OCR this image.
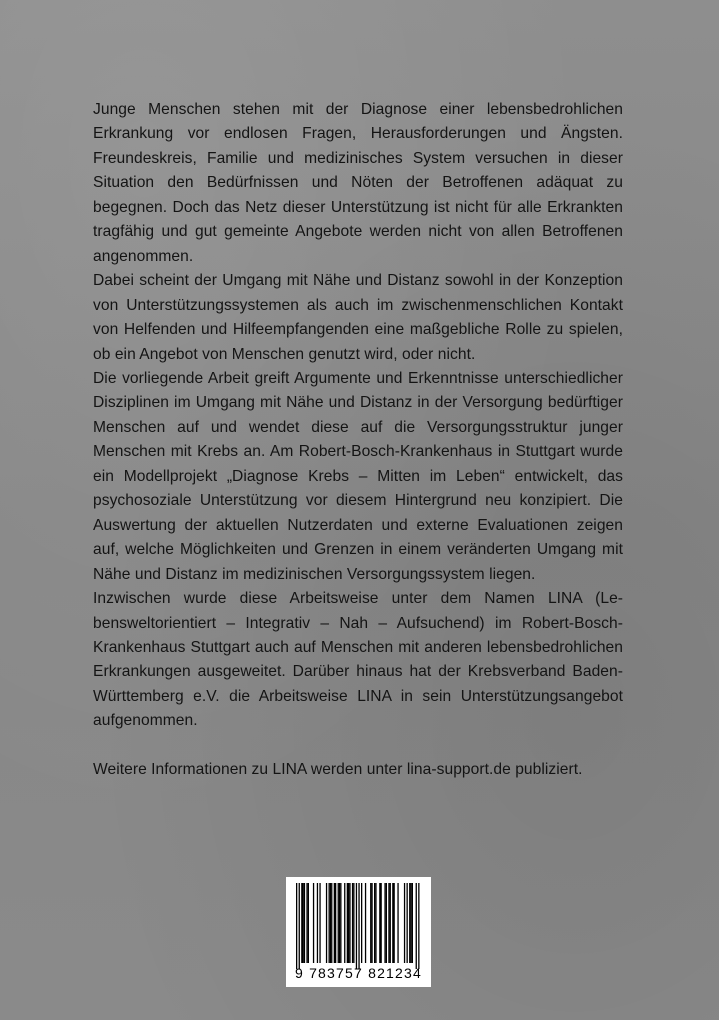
Junge Menschen stehen mit der Diagnose einer lebensbedrohlichen Erkrankung vor endlosen Fragen, Herausforderungen und Ängsten. Freundeskreis, Familie und medizinisches System versuchen in dieser Situation den Bedürfnissen und Nöten der Betroffenen adäquat zu begegnen. Doch das Netz dieser Unterstützung ist nicht für alle Erkrankten tragfähig und gut gemeinte Angebote werden nicht von allen Betroffenen angenommen.

Dabei scheint der Umgang mit Nähe und Distanz sowohl in der Konzeption von Unterstützungssystemen als auch im zwischenmenschlichen Kontakt von Helfenden und Hilfeempfangenden eine maßgebliche Rolle zu spielen, ob ein Angebot von Menschen genutzt wird, oder nicht.

Die vorliegende Arbeit greift Argumente und Erkenntnisse unterschiedlicher Disziplinen im Umgang mit Nähe und Distanz in der Versorgung bedürftiger Menschen auf und wendet diese auf die Versorgungsstruktur junger Menschen mit Krebs an. Am Robert-Bosch-Krankenhaus in Stuttgart wurde ein Modellprojekt „Diagnose Krebs – Mitten im Leben“ entwickelt, das psychosoziale Unterstützung vor diesem Hintergrund neu konzipiert. Die Auswertung der aktuellen Nutzerdaten und externe Evaluationen zeigen auf, welche Möglichkeiten und Grenzen in einem veränderten Umgang mit Nähe und Distanz im medizinischen Versorgungssystem liegen.

Inzwischen wurde diese Arbeitsweise unter dem Namen LINA (Lebensweltorientiert – Integrativ – Nah – Aufsuchend) im Robert-Bosch-Krankenhaus Stuttgart auch auf Menschen mit anderen lebensbedrohlichen Erkrankungen ausgeweitet. Darüber hinaus hat der Krebsverband Baden-Württemberg e.V. die Arbeitsweise LINA in sein Unterstützungsangebot aufgenommen.

Weitere Informationen zu LINA werden unter lina-support.de publiziert.

9 783757 821234
